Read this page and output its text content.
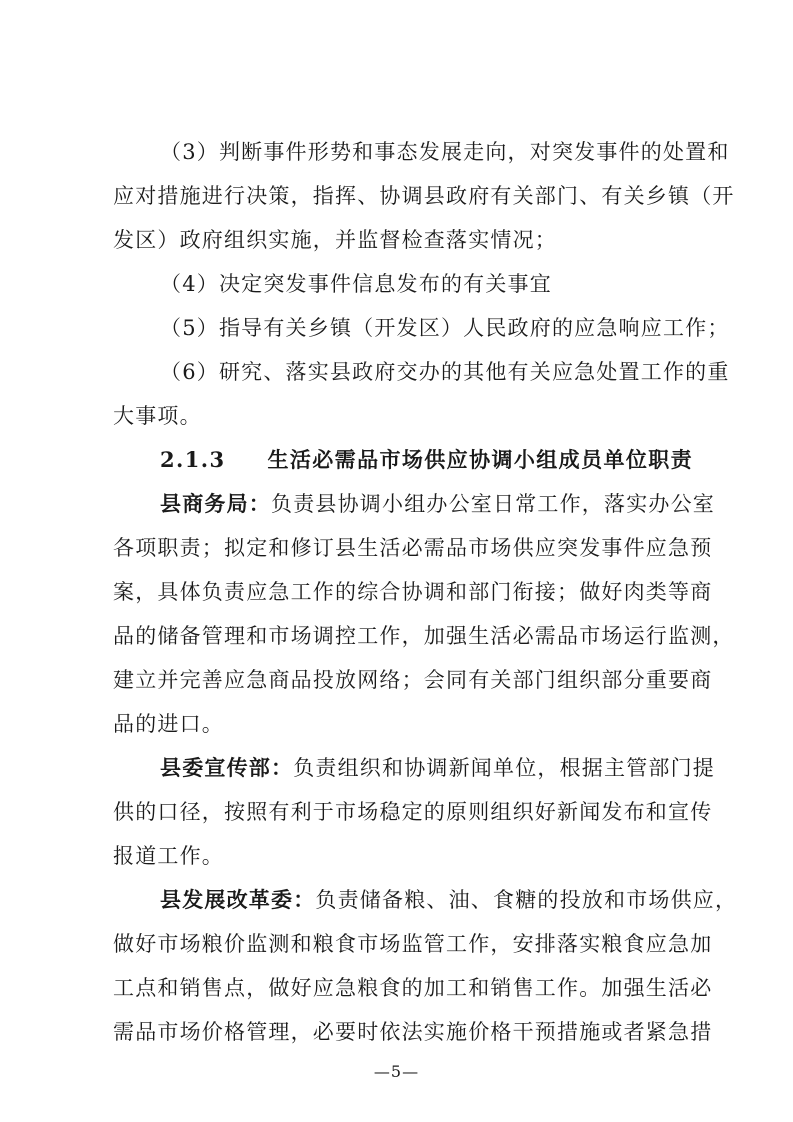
（3）判断事件形势和事态发展走向，对突发事件的处置和

应对措施进行决策，指挥、协调县政府有关部门、有关乡镇（开

发区）政府组织实施，并监督检查落实情况；

（4）决定突发事件信息发布的有关事宜

（5）指导有关乡镇（开发区）人民政府的应急响应工作；

（6）研究、落实县政府交办的其他有关应急处置工作的重

大事项。

2.1.3 生活必需品市场供应协调小组成员单位职责

县商务局：负责县协调小组办公室日常工作，落实办公室

各项职责；拟定和修订县生活必需品市场供应突发事件应急预

案，具体负责应急工作的综合协调和部门衔接；做好肉类等商

品的储备管理和市场调控工作，加强生活必需品市场运行监测，

建立并完善应急商品投放网络；会同有关部门组织部分重要商

品的进口。

县委宣传部：负责组织和协调新闻单位，根据主管部门提

供的口径，按照有利于市场稳定的原则组织好新闻发布和宣传

报道工作。

县发展改革委：负责储备粮、油、食糖的投放和市场供应，

做好市场粮价监测和粮食市场监管工作，安排落实粮食应急加

工点和销售点，做好应急粮食的加工和销售工作。加强生活必

需品市场价格管理，必要时依法实施价格干预措施或者紧急措

—5—
